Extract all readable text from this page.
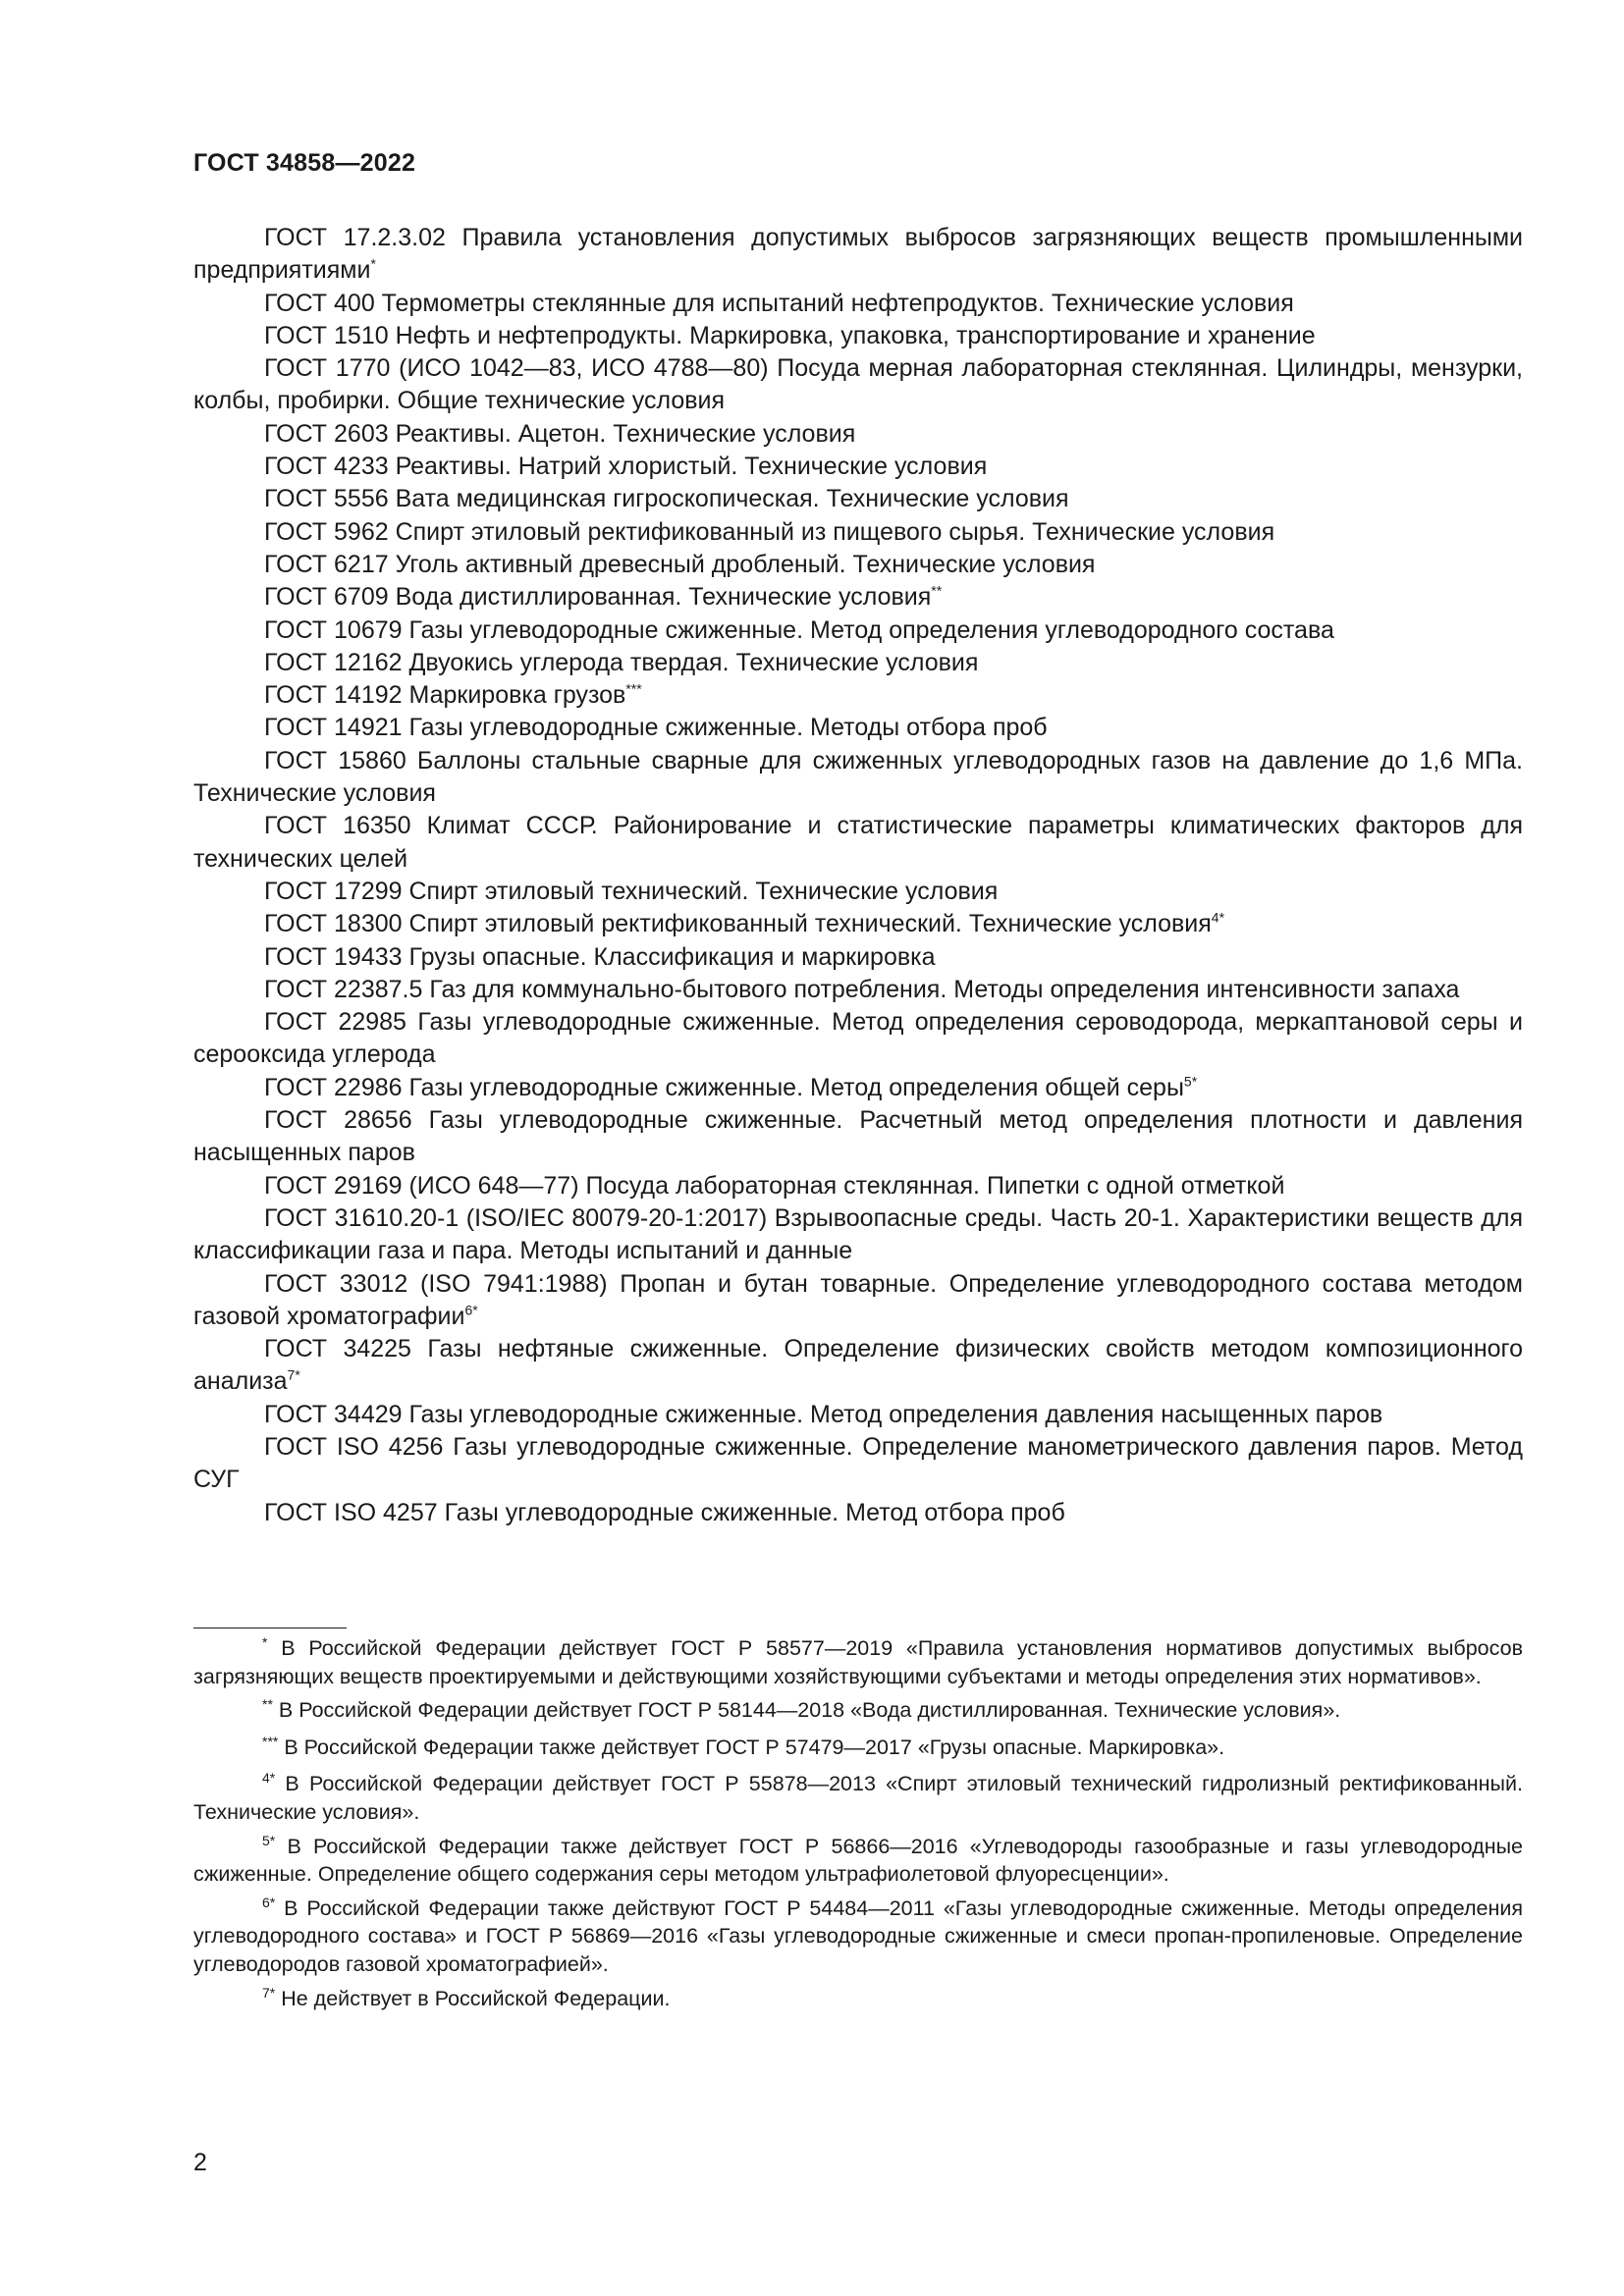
ГОСТ 34858—2022

ГОСТ 17.2.3.02 Правила установления допустимых выбросов загрязняющих веществ промышленными предприятиями*

ГОСТ 400 Термометры стеклянные для испытаний нефтепродуктов. Технические условия

ГОСТ 1510 Нефть и нефтепродукты. Маркировка, упаковка, транспортирование и хранение

ГОСТ 1770 (ИСО 1042—83, ИСО 4788—80) Посуда мерная лабораторная стеклянная. Цилиндры, мензурки, колбы, пробирки. Общие технические условия

ГОСТ 2603 Реактивы. Ацетон. Технические условия

ГОСТ 4233 Реактивы. Натрий хлористый. Технические условия

ГОСТ 5556 Вата медицинская гигроскопическая. Технические условия

ГОСТ 5962 Спирт этиловый ректификованный из пищевого сырья. Технические условия

ГОСТ 6217 Уголь активный древесный дробленый. Технические условия

ГОСТ 6709 Вода дистиллированная. Технические условия**

ГОСТ 10679 Газы углеводородные сжиженные. Метод определения углеводородного состава

ГОСТ 12162 Двуокись углерода твердая. Технические условия

ГОСТ 14192 Маркировка грузов***

ГОСТ 14921 Газы углеводородные сжиженные. Методы отбора проб

ГОСТ 15860 Баллоны стальные сварные для сжиженных углеводородных газов на давление до 1,6 МПа. Технические условия

ГОСТ 16350 Климат СССР. Районирование и статистические параметры климатических факторов для технических целей

ГОСТ 17299 Спирт этиловый технический. Технические условия

ГОСТ 18300 Спирт этиловый ректификованный технический. Технические условия$^{4*}$

ГОСТ 19433 Грузы опасные. Классификация и маркировка

ГОСТ 22387.5 Газ для коммунально-бытового потребления. Методы определения интенсивности запаха

ГОСТ 22985 Газы углеводородные сжиженные. Метод определения сероводорода, меркаптановой серы и серооксида углерода

ГОСТ 22986 Газы углеводородные сжиженные. Метод определения общей серы$^{5*}$

ГОСТ 28656 Газы углеводородные сжиженные. Расчетный метод определения плотности и давления насыщенных паров

ГОСТ 29169 (ИСО 648—77) Посуда лабораторная стеклянная. Пипетки с одной отметкой

ГОСТ 31610.20-1 (ISO/IEC 80079-20-1:2017) Взрывоопасные среды. Часть 20-1. Характеристики веществ для классификации газа и пара. Методы испытаний и данные

ГОСТ 33012 (ISO 7941:1988) Пропан и бутан товарные. Определение углеводородного состава методом газовой хроматографии$^{6*}$

ГОСТ 34225 Газы нефтяные сжиженные. Определение физических свойств методом композиционного анализа$^{7*}$

ГОСТ 34429 Газы углеводородные сжиженные. Метод определения давления насыщенных паров

ГОСТ ISO 4256 Газы углеводородные сжиженные. Определение манометрического давления паров. Метод СУГ

ГОСТ ISO 4257 Газы углеводородные сжиженные. Метод отбора проб

* В Российской Федерации действует ГОСТ Р 58577—2019 «Правила установления нормативов допустимых выбросов загрязняющих веществ проектируемыми и действующими хозяйствующими субъектами и методы определения этих нормативов».

** В Российской Федерации действует ГОСТ Р 58144—2018 «Вода дистиллированная. Технические условия».

*** В Российской Федерации также действует ГОСТ Р 57479—2017 «Грузы опасные. Маркировка».

$^{4*}$ В Российской Федерации действует ГОСТ Р 55878—2013 «Спирт этиловый технический гидролизный ректификованный. Технические условия».

$^{5*}$ В Российской Федерации также действует ГОСТ Р 56866—2016 «Углеводороды газообразные и газы углеводородные сжиженные. Определение общего содержания серы методом ультрафиолетовой флуоресценции».

$^{6*}$ В Российской Федерации также действуют ГОСТ Р 54484—2011 «Газы углеводородные сжиженные. Методы определения углеводородного состава» и ГОСТ Р 56869—2016 «Газы углеводородные сжиженные и смеси пропан-пропиленовые. Определение углеводородов газовой хроматографией».

$^{7*}$ Не действует в Российской Федерации.

2
